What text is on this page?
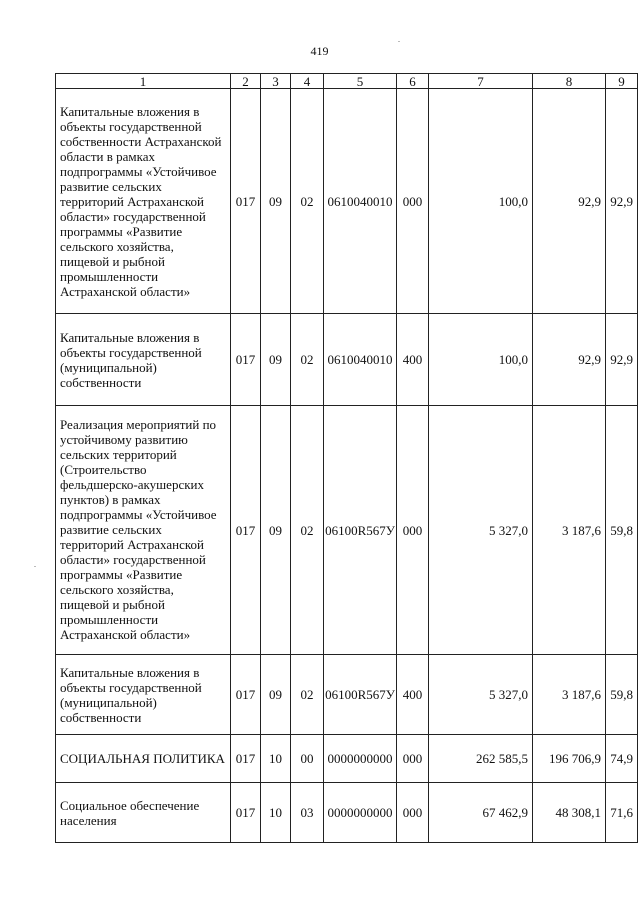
419
1	2	3	4	5	6	7	8	9
Капитальные вложения в объекты государственной собственности Астраханской области в рамках подпрограммы «Устойчивое развитие сельских территорий Астраханской области» государственной программы «Развитие сельского хозяйства, пищевой и рыбной промышленности Астраханской области»	017	09	02	0610040010	000	100,0	92,9	92,9
Капитальные вложения в объекты государственной (муниципальной) собственности	017	09	02	0610040010	400	100,0	92,9	92,9
Реализация мероприятий по устойчивому развитию сельских территорий (Строительство фельдшерско-акушерских пунктов) в рамках подпрограммы «Устойчивое развитие сельских территорий Астраханской области» государственной программы «Развитие сельского хозяйства, пищевой и рыбной промышленности Астраханской области»	017	09	02	06100R567У	000	5 327,0	3 187,6	59,8
Капитальные вложения в объекты государственной (муниципальной) собственности	017	09	02	06100R567У	400	5 327,0	3 187,6	59,8
СОЦИАЛЬНАЯ ПОЛИТИКА	017	10	00	0000000000	000	262 585,5	196 706,9	74,9
Социальное обеспечение населения	017	10	03	0000000000	000	67 462,9	48 308,1	71,6
